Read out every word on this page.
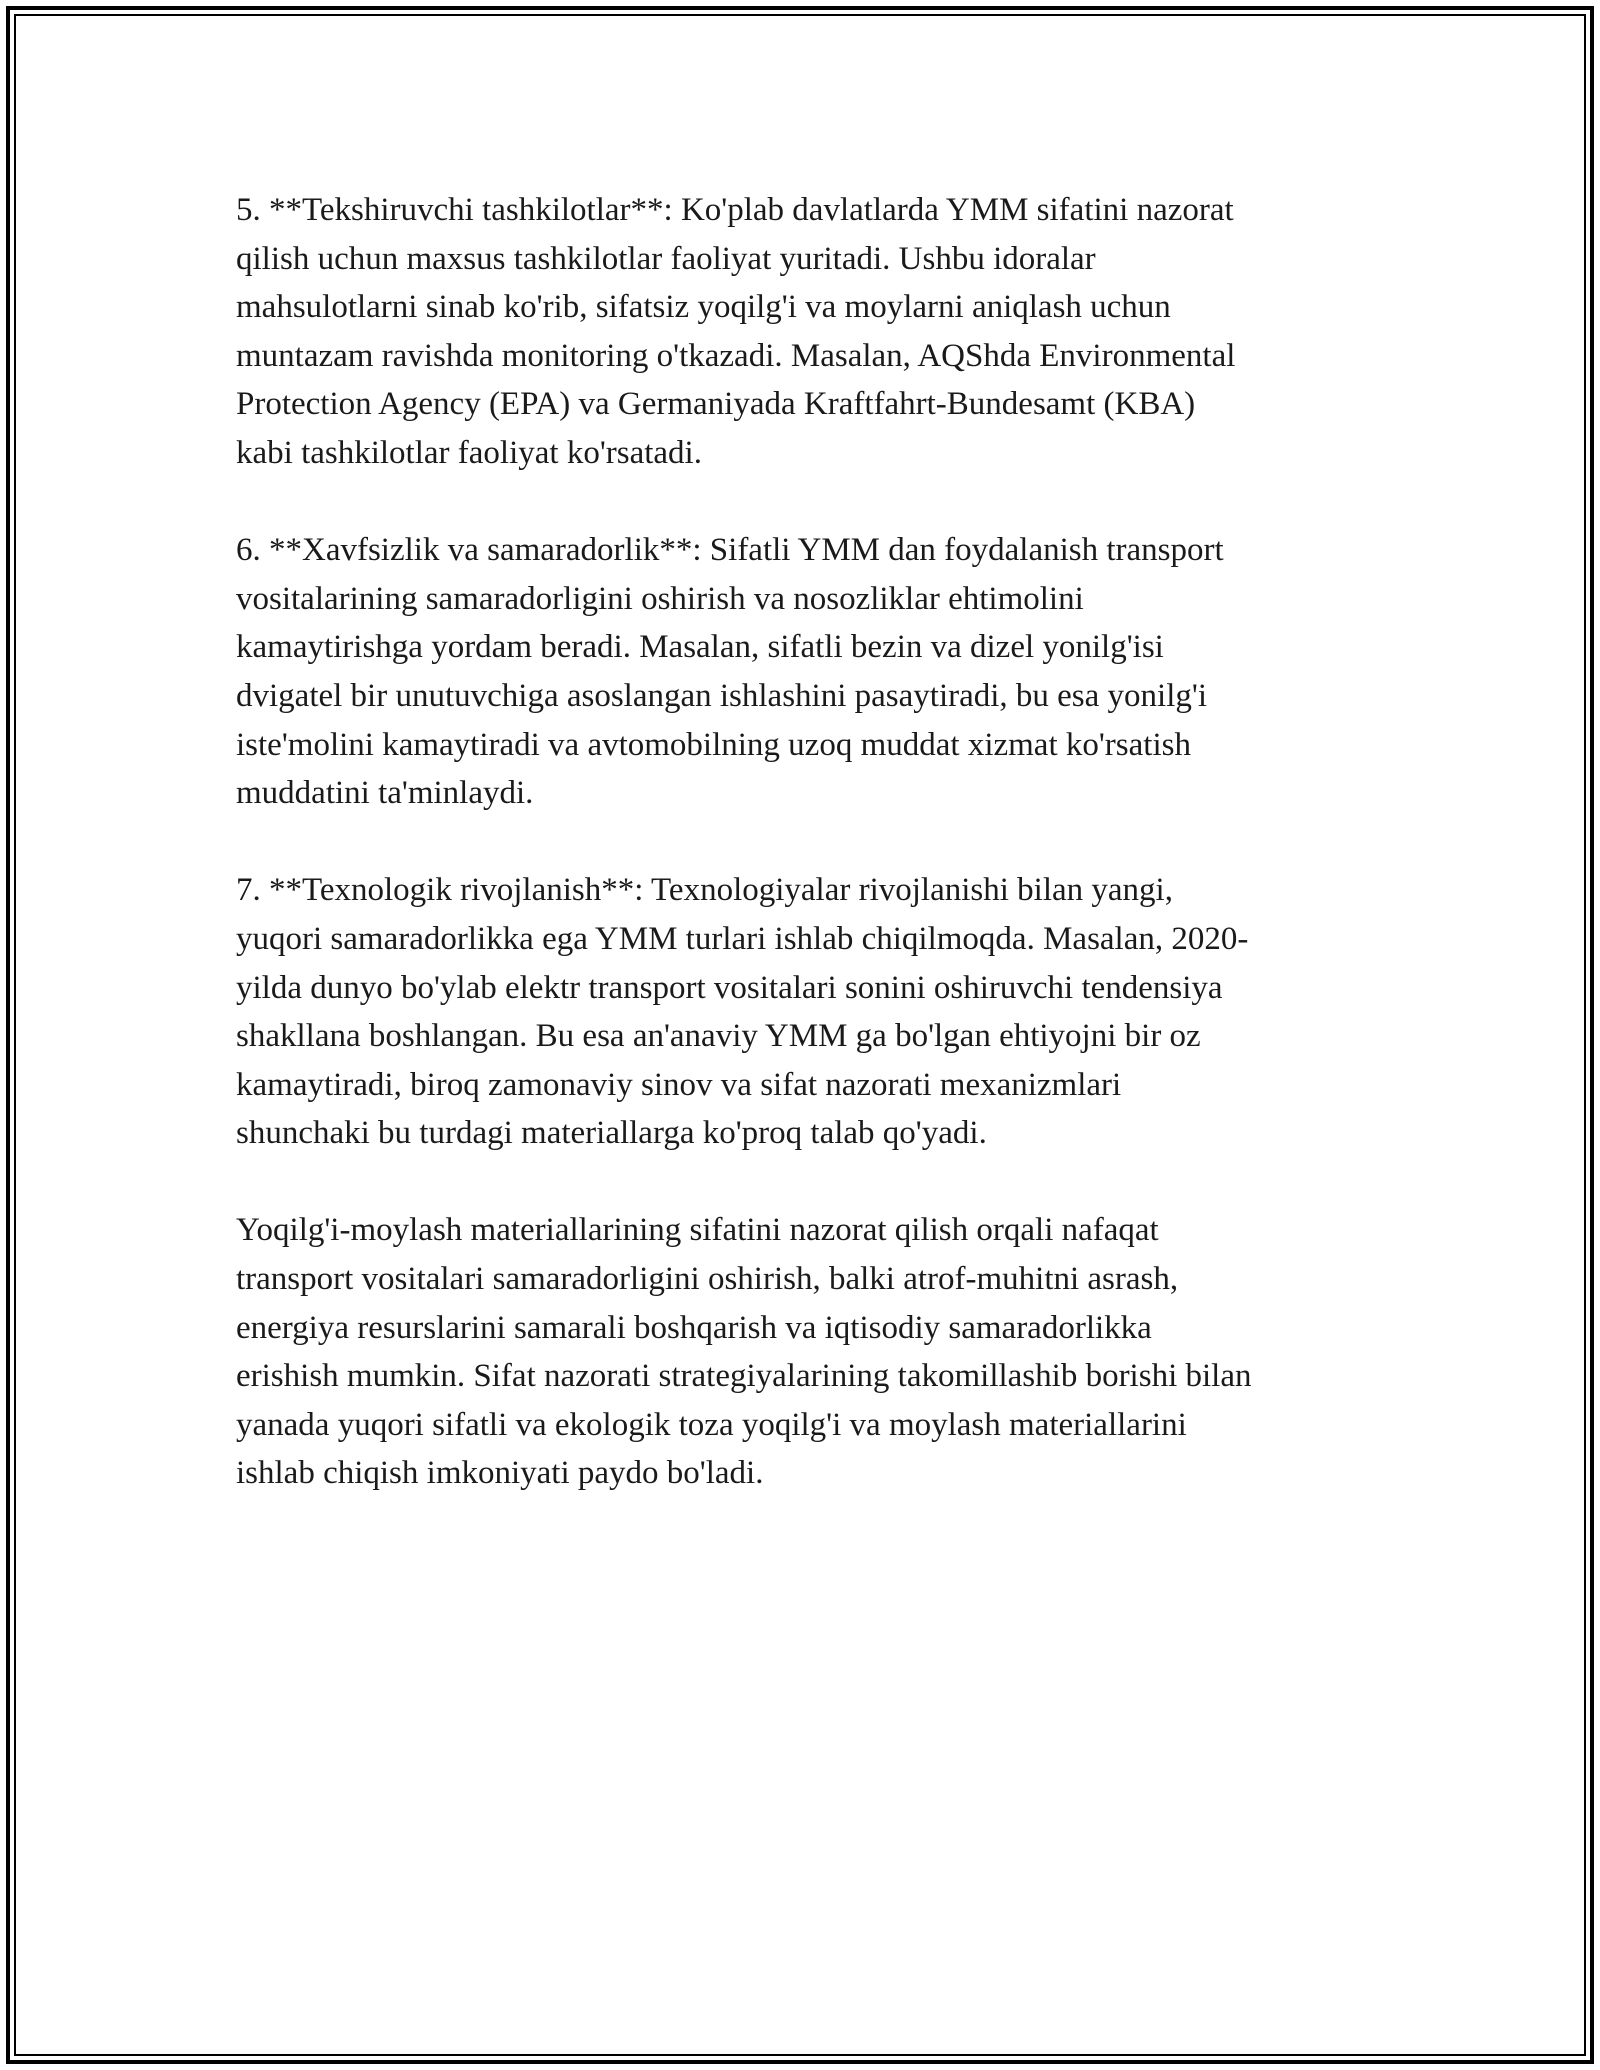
5. **Tekshiruvchi tashkilotlar**: Ko'plab davlatlarda YMM sifatini nazorat
qilish uchun maxsus tashkilotlar faoliyat yuritadi. Ushbu idoralar
mahsulotlarni sinab ko'rib, sifatsiz yoqilg'i va moylarni aniqlash uchun
muntazam ravishda monitoring o'tkazadi. Masalan, AQShda Environmental
Protection Agency (EPA) va Germaniyada Kraftfahrt-Bundesamt (KBA)
kabi tashkilotlar faoliyat ko'rsatadi.

6. **Xavfsizlik va samaradorlik**: Sifatli YMM dan foydalanish transport
vositalarining samaradorligini oshirish va nosozliklar ehtimolini
kamaytirishga yordam beradi. Masalan, sifatli bezin va dizel yonilg'isi
dvigatel bir unutuvchiga asoslangan ishlashini pasaytiradi, bu esa yonilg'i
iste'molini kamaytiradi va avtomobilning uzoq muddat xizmat ko'rsatish
muddatini ta'minlaydi.

7. **Texnologik rivojlanish**: Texnologiyalar rivojlanishi bilan yangi,
yuqori samaradorlikka ega YMM turlari ishlab chiqilmoqda. Masalan, 2020-
yilda dunyo bo'ylab elektr transport vositalari sonini oshiruvchi tendensiya
shakllana boshlangan. Bu esa an'anaviy YMM ga bo'lgan ehtiyojni bir oz
kamaytiradi, biroq zamonaviy sinov va sifat nazorati mexanizmlari
shunchaki bu turdagi materiallarga ko'proq talab qo'yadi.

Yoqilg'i-moylash materiallarining sifatini nazorat qilish orqali nafaqat
transport vositalari samaradorligini oshirish, balki atrof-muhitni asrash,
energiya resurslarini samarali boshqarish va iqtisodiy samaradorlikka
erishish mumkin. Sifat nazorati strategiyalarining takomillashib borishi bilan
yanada yuqori sifatli va ekologik toza yoqilg'i va moylash materiallarini
ishlab chiqish imkoniyati paydo bo'ladi.
